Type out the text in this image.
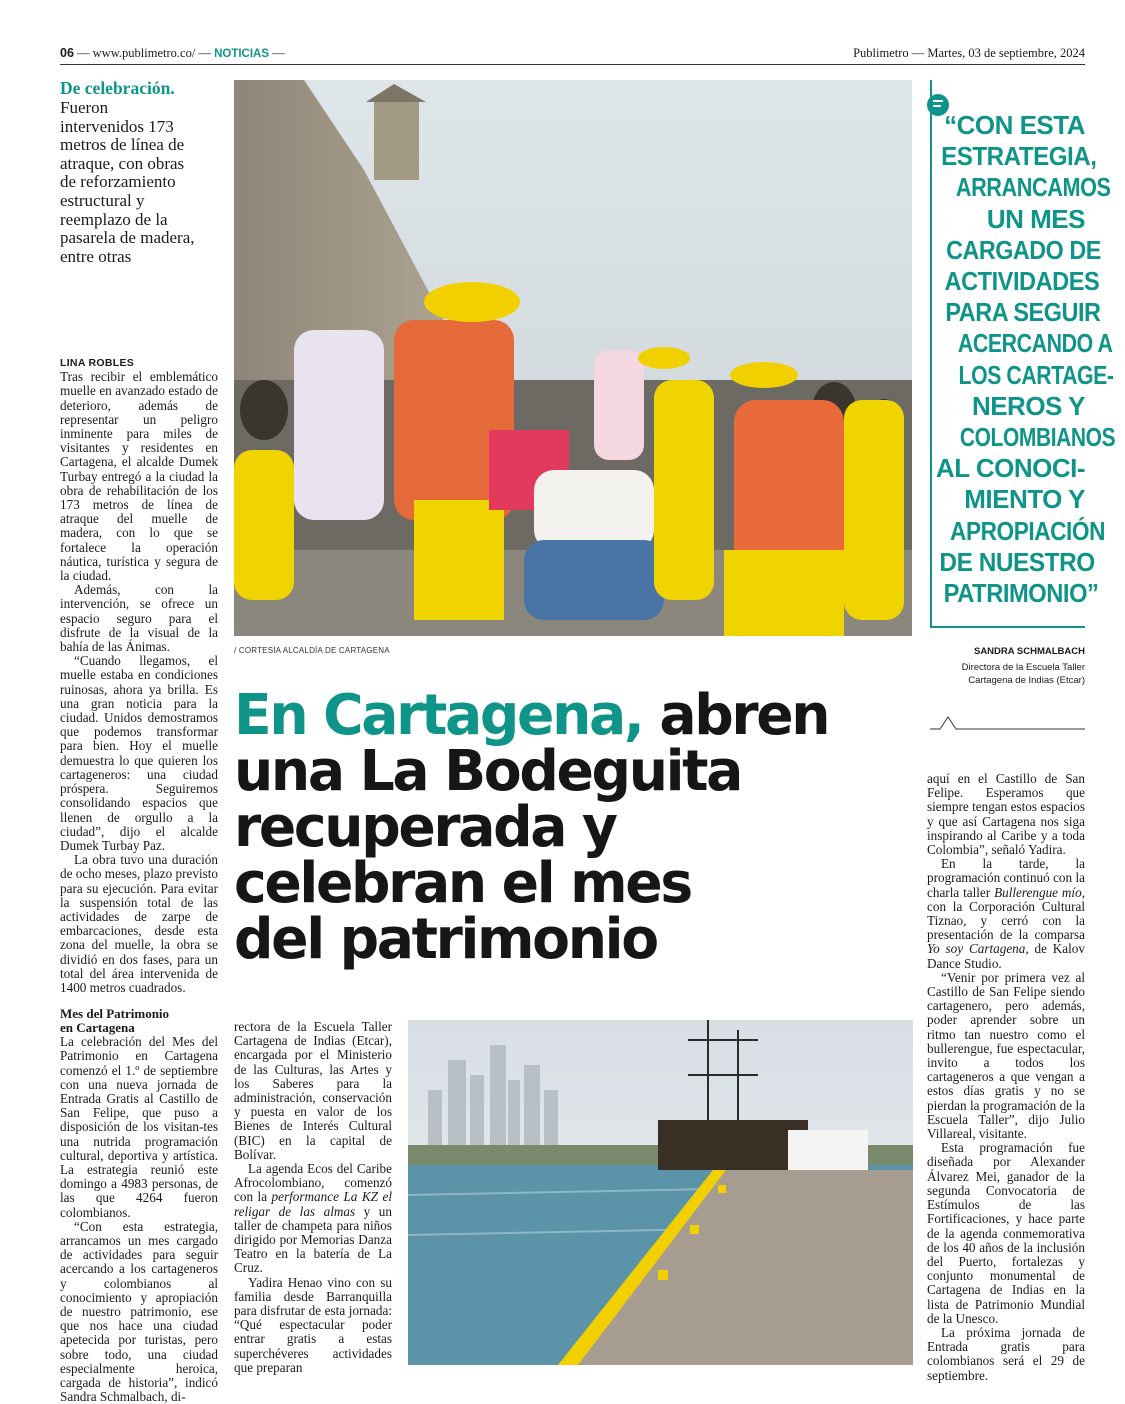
06 — www.publimetro.co/ — NOTICIAS —	Publimetro — Martes, 03 de septiembre, 2024
De celebración.
Fueron
intervenidos 173
metros de línea de
atraque, con obras
de reforzamiento
estructural y
reemplazo de la
pasarela de madera,
entre otras
/ CORTESÍA ALCALDÍA DE CARTAGENA
“CON ESTA
ESTRATEGIA,
ARRANCAMOS
UN MES
CARGADO DE
ACTIVIDADES
PARA SEGUIR
ACERCANDO A
LOS CARTAGE-
NEROS Y
COLOMBIANOS
AL CONOCI-
MIENTO Y
APROPIACIÓN
DE NUESTRO
PATRIMONIO”
SANDRA SCHMALBACH
Directora de la Escuela Taller
Cartagena de Indias (Etcar)
En Cartagena, abren
una La Bodeguita
recuperada y
celebran el mes
del patrimonio
LINA ROBLES

Tras recibir el emblemático muelle en avanzado estado de deterioro, además de representar un peligro inminente para miles de visitantes y residentes en Cartagena, el alcalde Dumek Turbay entregó a la ciudad la obra de rehabilitación de los 173 metros de línea de atraque del muelle de madera, con lo que se fortalece la operación náutica, turística y segura de la ciudad.

Además, con la intervención, se ofrece un espacio seguro para el disfrute de la visual de la bahía de las Ánimas.

“Cuando llegamos, el muelle estaba en condiciones ruinosas, ahora ya brilla. Es una gran noticia para la ciudad. Unidos demostramos que podemos transformar para bien. Hoy el muelle demuestra lo que quieren los cartageneros: una ciudad próspera. Seguiremos consolidando espacios que llenen de orgullo a la ciudad”, dijo el alcalde Dumek Turbay Paz.

La obra tuvo una duración de ocho meses, plazo previsto para su ejecución. Para evitar la suspensión total de las actividades de zarpe de embarcaciones, desde esta zona del muelle, la obra se dividió en dos fases, para un total del área intervenida de 1400 metros cuadrados.

Mes del Patrimonio
en Cartagena

La celebración del Mes del Patrimonio en Cartagena comenzó el 1.º de septiembre con una nueva jornada de Entrada Gratis al Castillo de San Felipe, que puso a disposición de los visitan-tes una nutrida programación cultural, deportiva y artística. La estrategia reunió este domingo a 4983 personas, de las que 4264 fueron colombianos.

“Con esta estrategia, arrancamos un mes cargado de actividades para seguir acercando a los cartageneros y colombianos al conocimiento y apropiación de nuestro patrimonio, ese que nos hace una ciudad apetecida por turistas, pero sobre todo, una ciudad especialmente heroica, cargada de historia”, indicó Sandra Schmalbach, di-

rectora de la Escuela Taller Cartagena de Indias (Etcar), encargada por el Ministerio de las Culturas, las Artes y los Saberes para la administración, conservación y puesta en valor de los Bienes de Interés Cultural (BIC) en la capital de Bolívar.

La agenda Ecos del Caribe Afrocolombiano, comenzó con la performance La KZ el religar de las almas y un taller de champeta para niños dirigido por Memorias Danza Teatro en la batería de La Cruz.

Yadira Henao vino con su familia desde Barranquilla para disfrutar de esta jornada: “Qué espectacular poder entrar gratis a estas superchéveres actividades que preparan

aquí en el Castillo de San Felipe. Esperamos que siempre tengan estos espacios y que así Cartagena nos siga inspirando al Caribe y a toda Colombia”, señaló Yadira.

En la tarde, la programación continuó con la charla taller Bullerengue mío, con la Corporación Cultural Tiznao, y cerró con la presentación de la comparsa Yo soy Cartagena, de Kalov Dance Studio.

“Venir por primera vez al Castillo de San Felipe siendo cartagenero, pero además, poder aprender sobre un ritmo tan nuestro como el bullerengue, fue espectacular, invito a todos los cartageneros a que vengan a estos días gratis y no se pierdan la programación de la Escuela Taller”, dijo Julio Villareal, visitante.

Esta programación fue diseñada por Alexander Álvarez Mei, ganador de la segunda Convocatoria de Estímulos de las Fortificaciones, y hace parte de la agenda conmemorativa de los 40 años de la inclusión del Puerto, fortalezas y conjunto monumental de Cartagena de Indias en la lista de Patrimonio Mundial de la Unesco.

La próxima jornada de Entrada gratis para colombianos será el 29 de septiembre.
